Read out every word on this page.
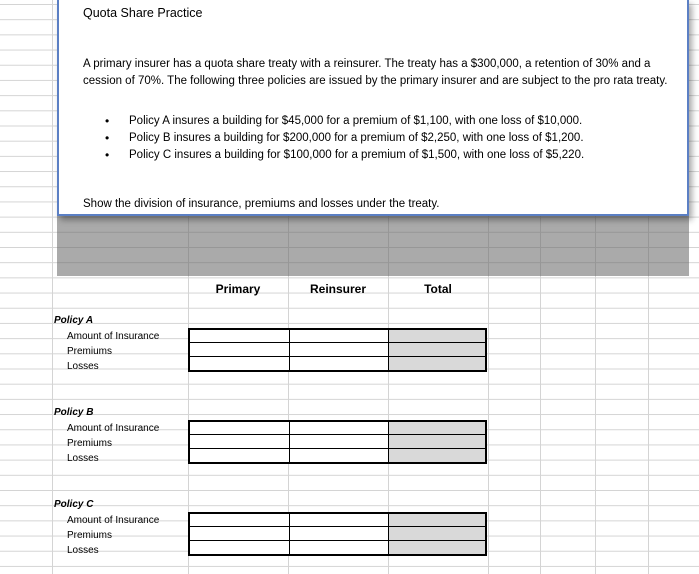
Quota Share Practice
A primary insurer has a quota share treaty with a reinsurer. The treaty has a $300,000, a retention of 30% and a cession of 70%. The following three policies are issued by the primary insurer and are subject to the pro rata treaty.
• Policy A insures a building for $45,000 for a premium of $1,100, with one loss of $10,000.
• Policy B insures a building for $200,000 for a premium of $2,250, with one loss of $1,200.
• Policy C insures a building for $100,000 for a premium of $1,500, with one loss of $5,220.
Show the division of insurance, premiums and losses under the treaty.
Primary	Reinsurer	Total
Policy A
Amount of Insurance
Premiums
Losses
Policy B
Amount of Insurance
Premiums
Losses
Policy C
Amount of Insurance
Premiums
Losses
